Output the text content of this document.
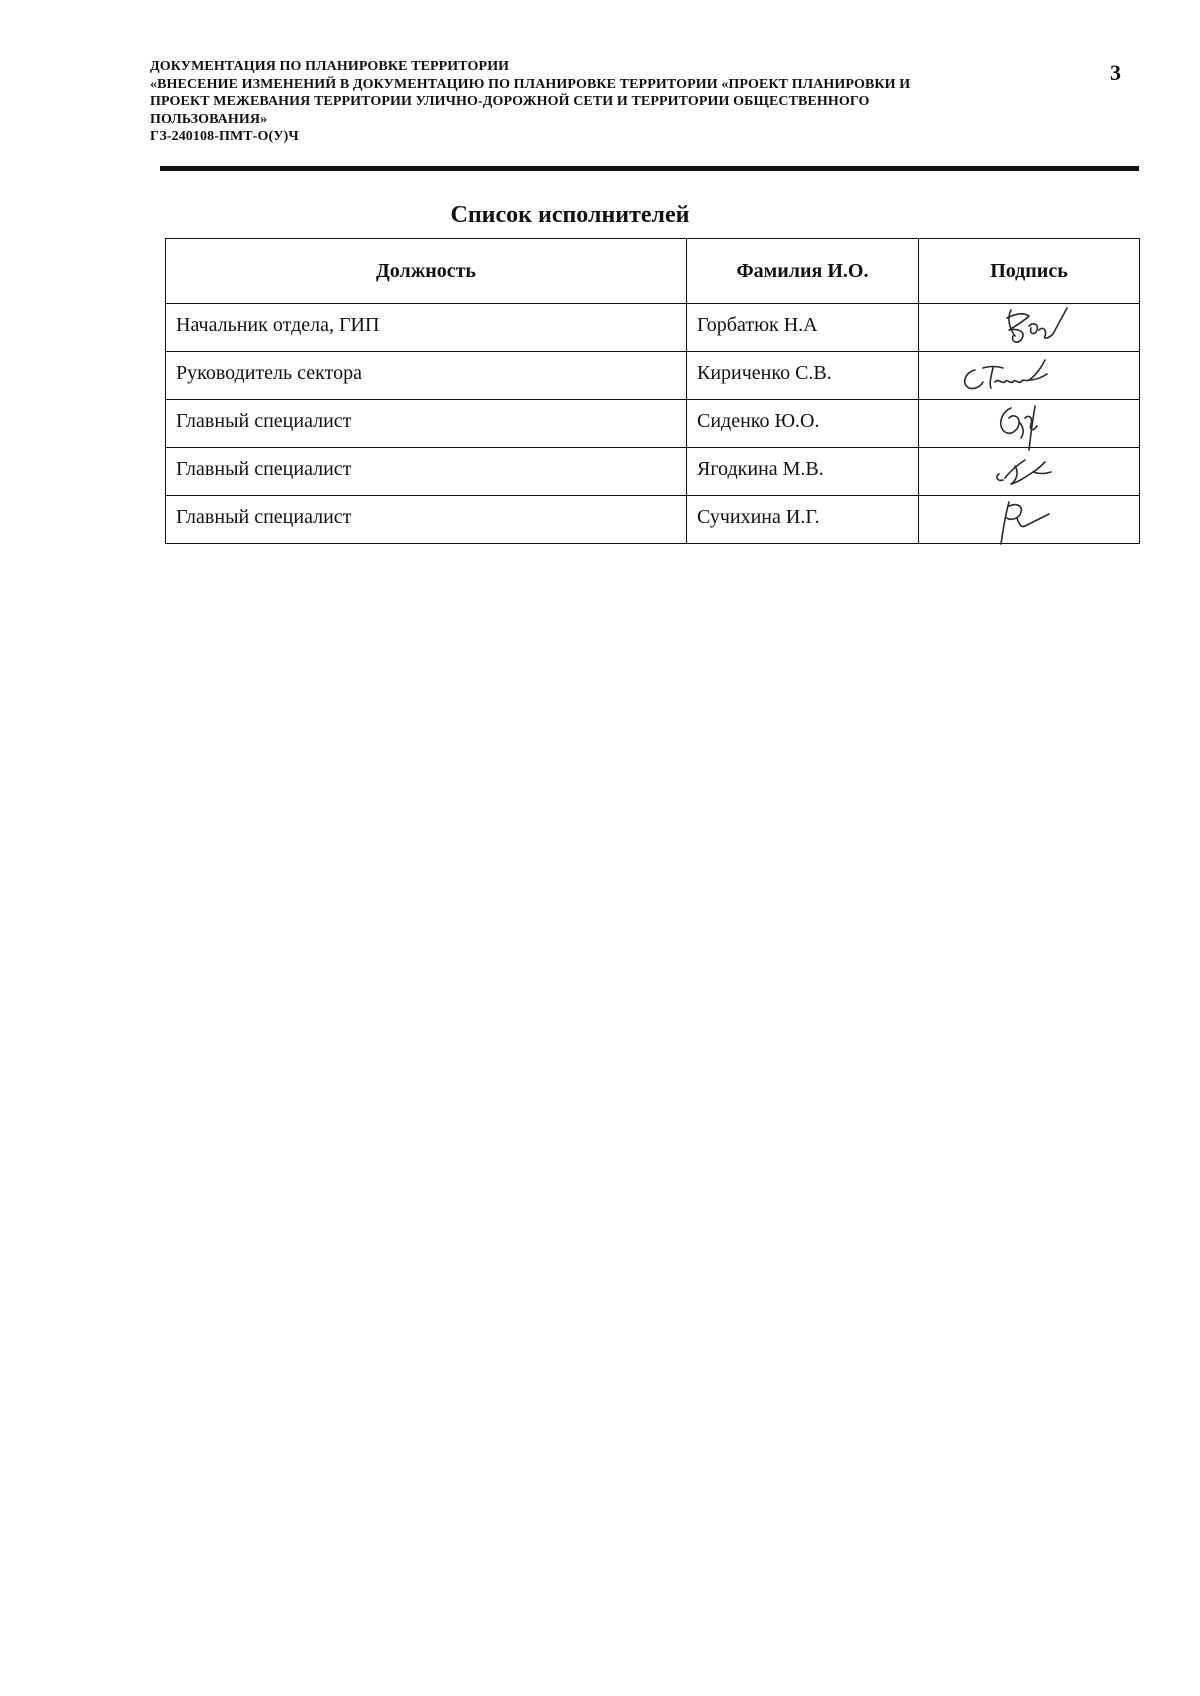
ДОКУМЕНТАЦИЯ ПО ПЛАНИРОВКЕ ТЕРРИТОРИИ
«ВНЕСЕНИЕ ИЗМЕНЕНИЙ В ДОКУМЕНТАЦИЮ ПО ПЛАНИРОВКЕ ТЕРРИТОРИИ «ПРОЕКТ ПЛАНИРОВКИ И
ПРОЕКТ МЕЖЕВАНИЯ ТЕРРИТОРИИ УЛИЧНО-ДОРОЖНОЙ СЕТИ И ТЕРРИТОРИИ ОБЩЕСТВЕННОГО
ПОЛЬЗОВАНИЯ»
ГЗ-240108-ПМТ-О(У)Ч
3
Список исполнителей
Должность	Фамилия И.О.	Подпись
Начальник отдела, ГИП	Горбатюк Н.А	

Руководитель сектора	Кириченко С.В.	

Главный специалист	Сиденко Ю.О.	

Главный специалист	Ягодкина М.В.	

Главный специалист	Сучихина И.Г.	
